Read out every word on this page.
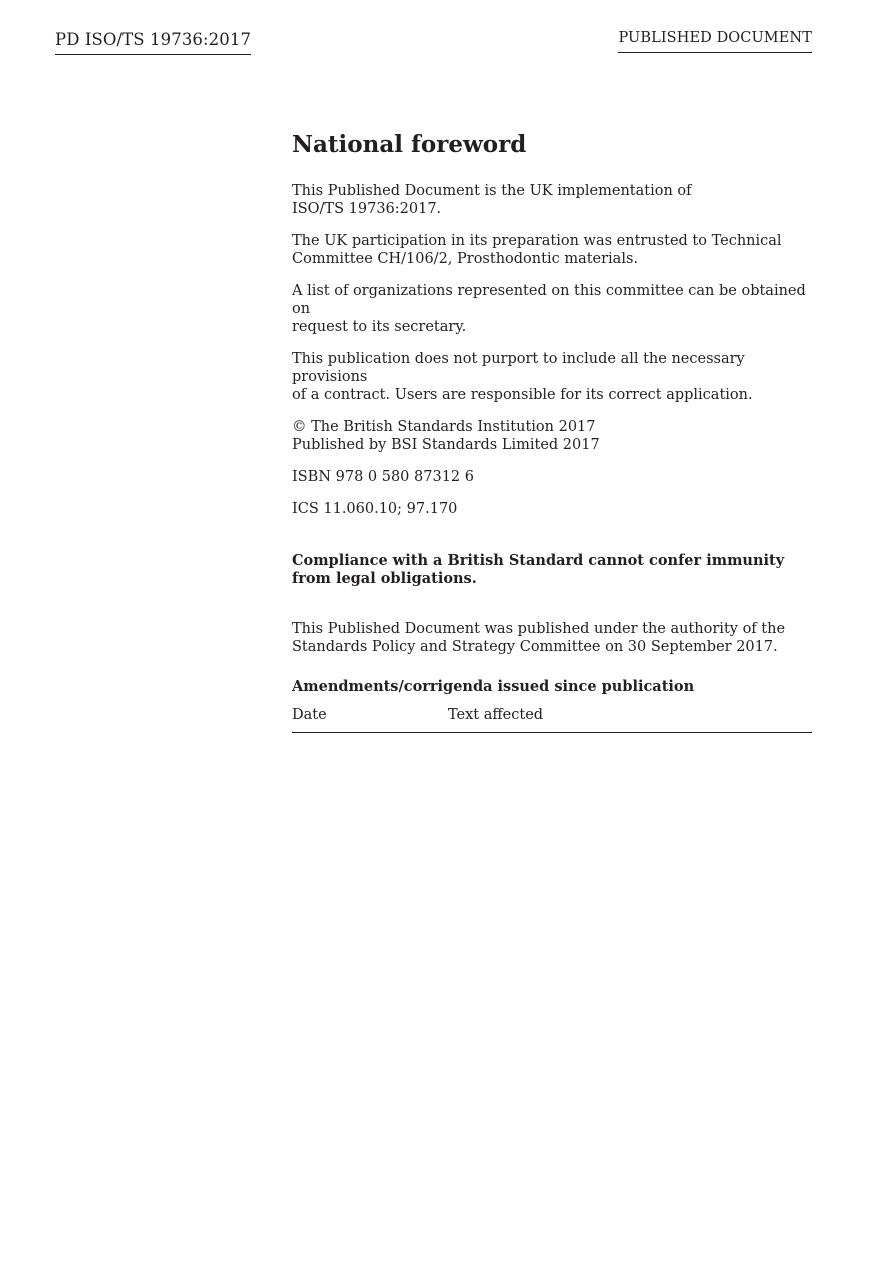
PD ISO/TS 19736:2017	PUBLISHED DOCUMENT
National foreword

This Published Document is the UK implementation of
ISO/TS 19736:2017.

The UK participation in its preparation was entrusted to Technical
Committee CH/106/2, Prosthodontic materials.

A list of organizations represented on this committee can be obtained on
request to its secretary.

This publication does not purport to include all the necessary provisions
of a contract. Users are responsible for its correct application.

© The British Standards Institution 2017
Published by BSI Standards Limited 2017

ISBN 978 0 580 87312 6

ICS 11.060.10; 97.170

Compliance with a British Standard cannot confer immunity
from legal obligations.

This Published Document was published under the authority of the
Standards Policy and Strategy Committee on 30 September 2017.

Amendments/corrigenda issued since publication

Date	Text affected
